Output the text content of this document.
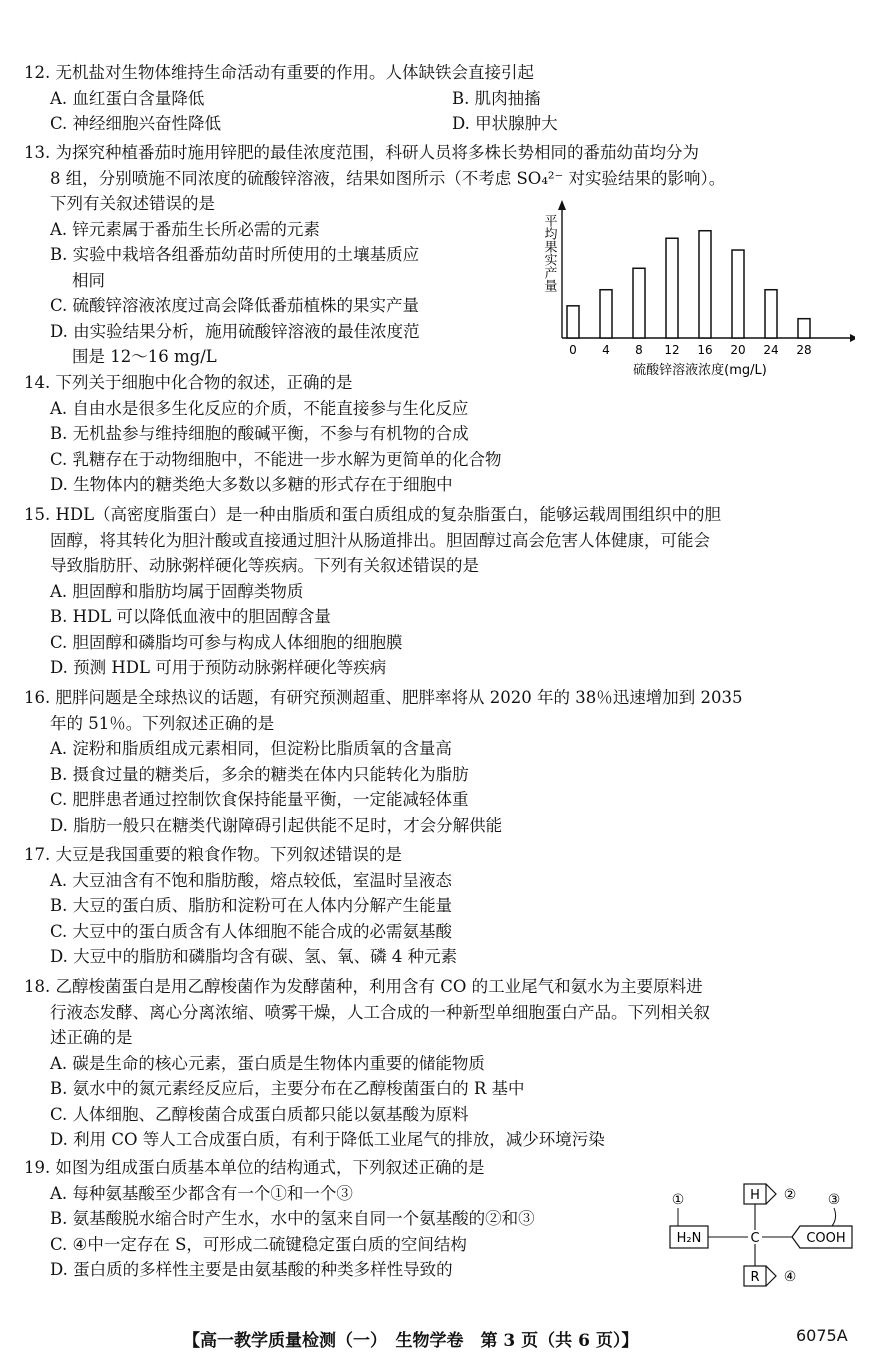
12. 无机盐对生物体维持生命活动有重要的作用。人体缺铁会直接引起
A. 血红蛋白含量降低	B. 肌肉抽搐
C. 神经细胞兴奋性降低	D. 甲状腺肿大
13. 为探究种植番茄时施用锌肥的最佳浓度范围，科研人员将多株长势相同的番茄幼苗均分为
8 组，分别喷施不同浓度的硫酸锌溶液，结果如图所示（不考虑 SO₄²⁻ 对实验结果的影响）。
下列有关叙述错误的是
A. 锌元素属于番茄生长所必需的元素
B. 实验中栽培各组番茄幼苗时所使用的土壤基质应
相同
C. 硫酸锌溶液浓度过高会降低番茄植株的果实产量
D. 由实验结果分析，施用硫酸锌溶液的最佳浓度范
围是 12～16 mg/L	0 4 8 12 16 20 24 28
硫酸锌溶液浓度(mg/L)
平均果实产量
14. 下列关于细胞中化合物的叙述，正确的是
A. 自由水是很多生化反应的介质，不能直接参与生化反应
B. 无机盐参与维持细胞的酸碱平衡，不参与有机物的合成
C. 乳糖存在于动物细胞中，不能进一步水解为更简单的化合物
D. 生物体内的糖类绝大多数以多糖的形式存在于细胞中
15. HDL（高密度脂蛋白）是一种由脂质和蛋白质组成的复杂脂蛋白，能够运载周围组织中的胆
固醇，将其转化为胆汁酸或直接通过胆汁从肠道排出。胆固醇过高会危害人体健康，可能会
导致脂肪肝、动脉粥样硬化等疾病。下列有关叙述错误的是
A. 胆固醇和脂肪均属于固醇类物质
B. HDL 可以降低血液中的胆固醇含量
C. 胆固醇和磷脂均可参与构成人体细胞的细胞膜
D. 预测 HDL 可用于预防动脉粥样硬化等疾病
16. 肥胖问题是全球热议的话题，有研究预测超重、肥胖率将从 2020 年的 38％迅速增加到 2035
年的 51％。下列叙述正确的是
A. 淀粉和脂质组成元素相同，但淀粉比脂质氧的含量高
B. 摄食过量的糖类后，多余的糖类在体内只能转化为脂肪
C. 肥胖患者通过控制饮食保持能量平衡，一定能减轻体重
D. 脂肪一般只在糖类代谢障碍引起供能不足时，才会分解供能
17. 大豆是我国重要的粮食作物。下列叙述错误的是
A. 大豆油含有不饱和脂肪酸，熔点较低，室温时呈液态
B. 大豆的蛋白质、脂肪和淀粉可在人体内分解产生能量
C. 大豆中的蛋白质含有人体细胞不能合成的必需氨基酸
D. 大豆中的脂肪和磷脂均含有碳、氢、氧、磷 4 种元素
18. 乙醇梭菌蛋白是用乙醇梭菌作为发酵菌种，利用含有 CO 的工业尾气和氨水为主要原料进
行液态发酵、离心分离浓缩、喷雾干燥，人工合成的一种新型单细胞蛋白产品。下列相关叙
述正确的是
A. 碳是生命的核心元素，蛋白质是生物体内重要的储能物质
B. 氨水中的氮元素经反应后，主要分布在乙醇梭菌蛋白的 R 基中
C. 人体细胞、乙醇梭菌合成蛋白质都只能以氨基酸为原料
D. 利用 CO 等人工合成蛋白质，有利于降低工业尾气的排放，减少环境污染
19. 如图为组成蛋白质基本单位的结构通式，下列叙述正确的是
A. 每种氨基酸至少都含有一个①和一个③
B. 氨基酸脱水缩合时产生水，水中的氢来自同一个氨基酸的②和③
C. ④中一定存在 S，可形成二硫键稳定蛋白质的空间结构
D. 蛋白质的多样性主要是由氨基酸的种类多样性导致的
H ②
①
H₂N	C
③
COOH
R ④
【高一教学质量检测（一）　生物学卷　第 3 页（共 6 页）】	6075A
